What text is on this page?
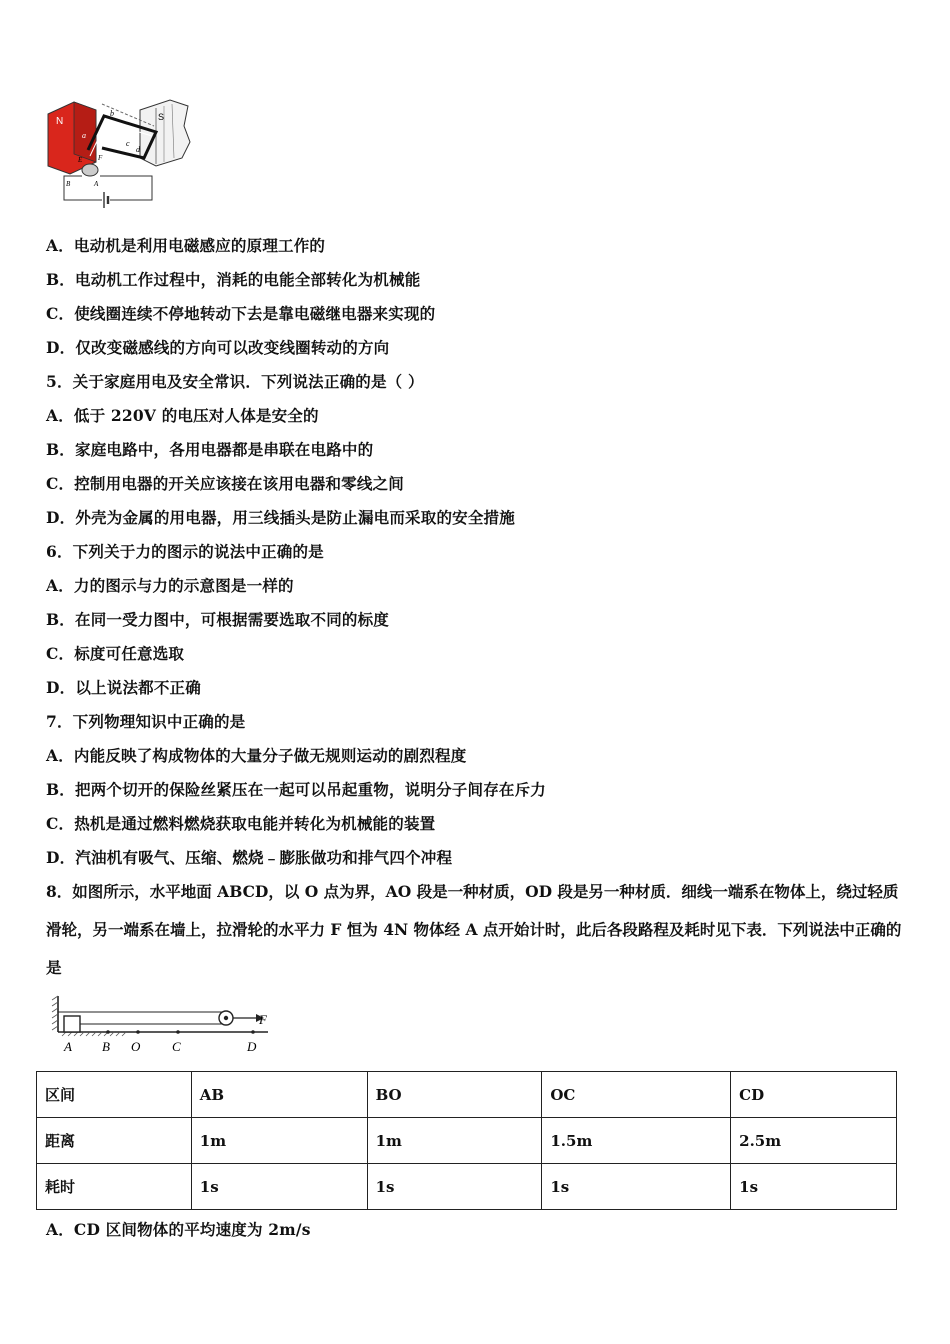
N	S
b
a
c
d
F
E
B	A
A．电动机是利用电磁感应的原理工作的
B．电动机工作过程中，消耗的电能全部转化为机械能
C．使线圈连续不停地转动下去是靠电磁继电器来实现的
D．仅改变磁感线的方向可以改变线圈转动的方向
5．关于家庭用电及安全常识．下列说法正确的是（ ）
A．低于 220V 的电压对人体是安全的
B．家庭电路中，各用电器都是串联在电路中的
C．控制用电器的开关应该接在该用电器和零线之间
D．外壳为金属的用电器，用三线插头是防止漏电而采取的安全措施
6．下列关于力的图示的说法中正确的是
A．力的图示与力的示意图是一样的
B．在同一受力图中，可根据需要选取不同的标度
C．标度可任意选取
D．以上说法都不正确
7．下列物理知识中正确的是
A．内能反映了构成物体的大量分子做无规则运动的剧烈程度
B．把两个切开的保险丝紧压在一起可以吊起重物，说明分子间存在斥力
C．热机是通过燃料燃烧获取电能并转化为机械能的装置
D．汽油机有吸气、压缩、燃烧﹣膨胀做功和排气四个冲程
8．如图所示，水平地面 ABCD，以 O 点为界，AO 段是一种材质，OD 段是另一种材质．细线一端系在物体上，绕过轻质滑轮，另一端系在墙上，拉滑轮的水平力 F 恒为 4N 物体经 A 点开始计时，此后各段路程及耗时见下表．下列说法中正确的是
F
A B O C	D
区间	AB	BO	OC	CD
距离	1m	1m	1.5m	2.5m
耗时	1s	1s	1s	1s
A．CD 区间物体的平均速度为 2m/s
